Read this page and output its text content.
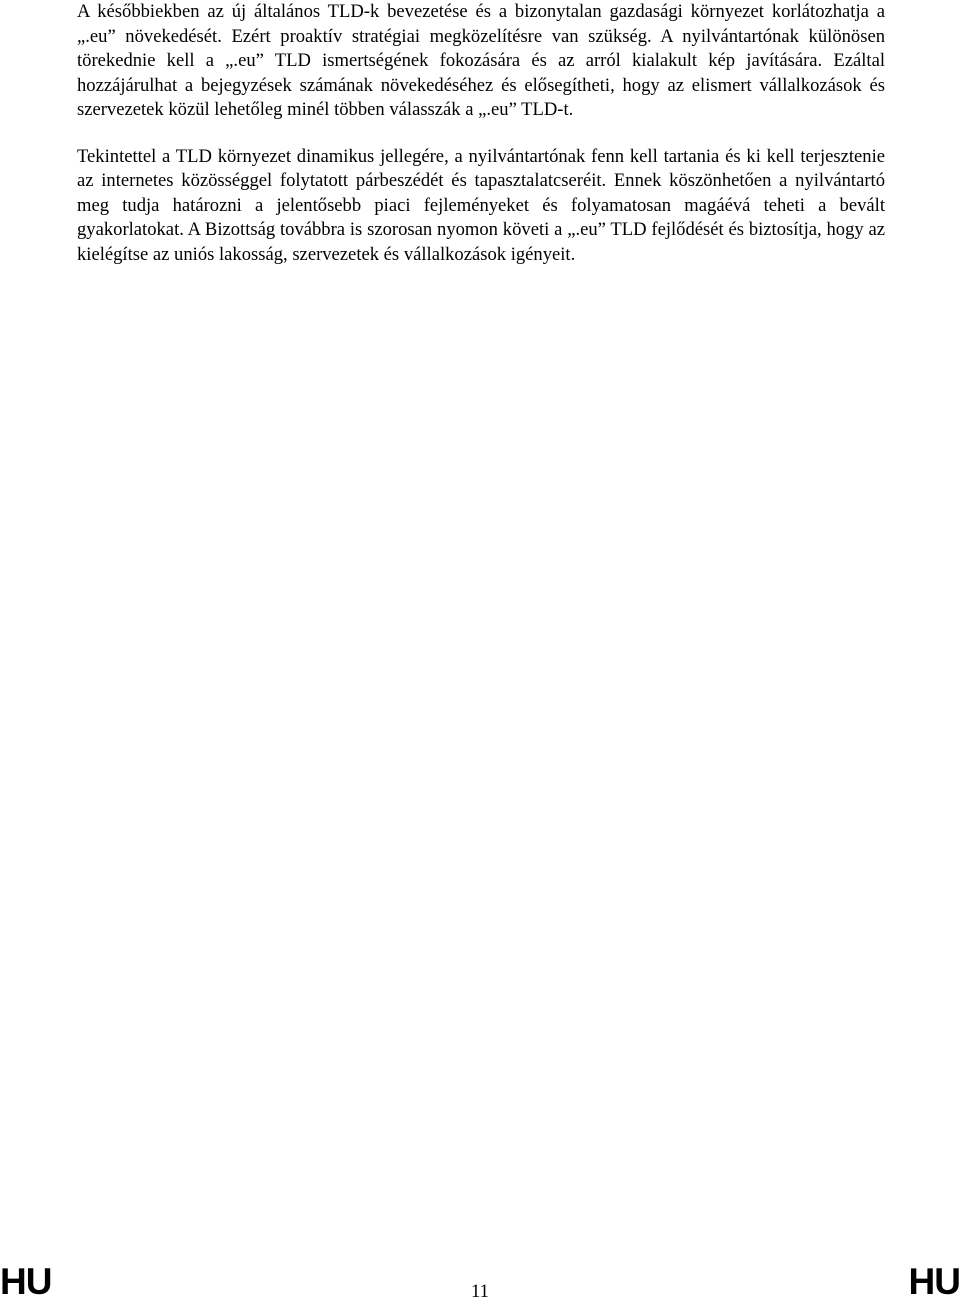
A későbbiekben az új általános TLD-k bevezetése és a bizonytalan gazdasági környezet korlátozhatja a „.eu” növekedését. Ezért proaktív stratégiai megközelítésre van szükség. A nyilvántartónak különösen törekednie kell a „.eu” TLD ismertségének fokozására és az arról kialakult kép javítására. Ezáltal hozzájárulhat a bejegyzések számának növekedéséhez és elősegítheti, hogy az elismert vállalkozások és szervezetek közül lehetőleg minél többen válasszák a „.eu” TLD-t.

Tekintettel a TLD környezet dinamikus jellegére, a nyilvántartónak fenn kell tartania és ki kell terjesztenie az internetes közösséggel folytatott párbeszédét és tapasztalatcseréit. Ennek köszönhetően a nyilvántartó meg tudja határozni a jelentősebb piaci fejleményeket és folyamatosan magáévá teheti a bevált gyakorlatokat. A Bizottság továbbra is szorosan nyomon követi a „.eu” TLD fejlődését és biztosítja, hogy az kielégítse az uniós lakosság, szervezetek és vállalkozások igényeit.

HU	11	HU
